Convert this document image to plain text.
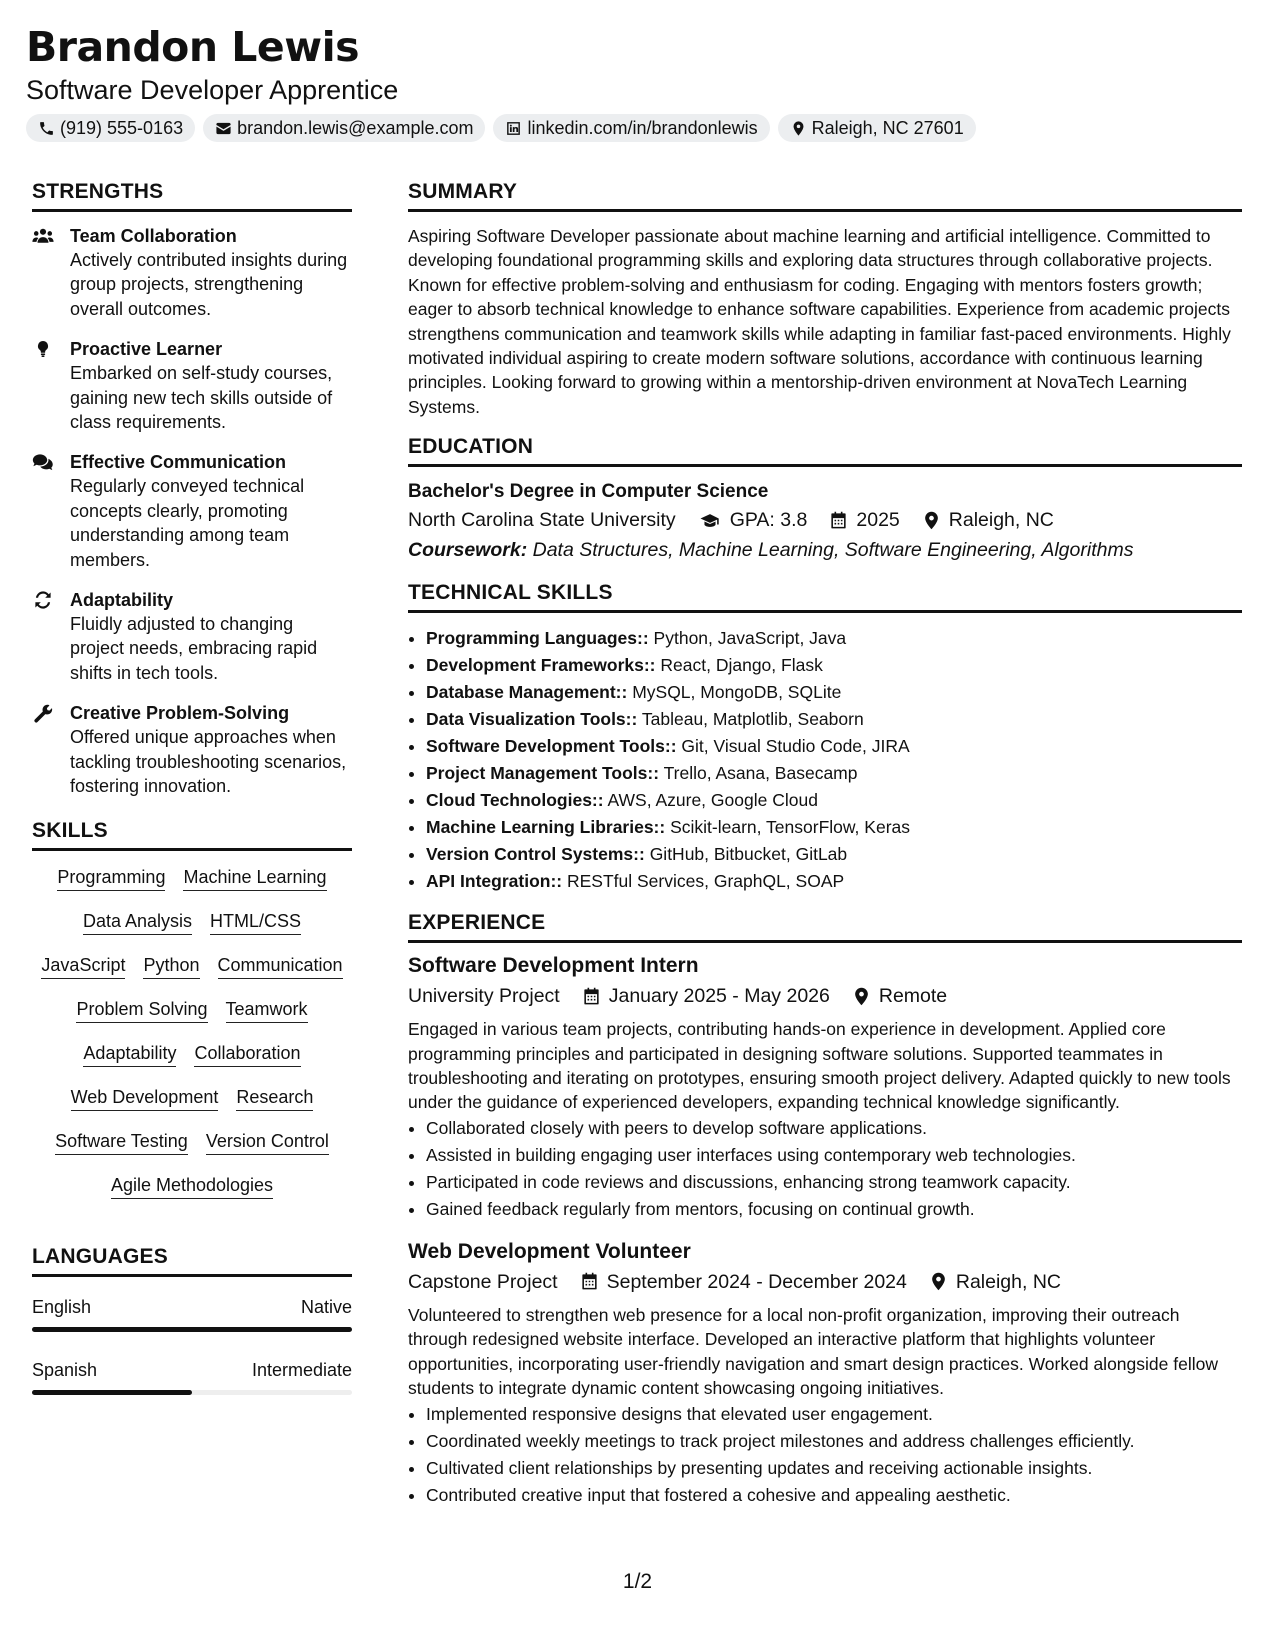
Brandon Lewis
Software Developer Apprentice
(919) 555-0163	brandon.lewis@example.com	linkedin.com/in/brandonlewis	Raleigh, NC 27601
STRENGTHS
Team Collaboration
Actively contributed insights during group projects, strengthening overall outcomes.
Proactive Learner
Embarked on self-study courses, gaining new tech skills outside of class requirements.
Effective Communication
Regularly conveyed technical concepts clearly, promoting understanding among team members.
Adaptability
Fluidly adjusted to changing project needs, embracing rapid shifts in tech tools.
Creative Problem-Solving
Offered unique approaches when tackling troubleshooting scenarios, fostering innovation.
SKILLS
Programming Machine Learning
Data Analysis HTML/CSS
JavaScript Python Communication
Problem Solving Teamwork
Adaptability Collaboration
Web Development Research
Software Testing Version Control
Agile Methodologies
LANGUAGES
English	Native
Spanish	Intermediate
SUMMARY
Aspiring Software Developer passionate about machine learning and artificial intelligence. Committed to developing foundational programming skills and exploring data structures through collaborative projects. Known for effective problem-solving and enthusiasm for coding. Engaging with mentors fosters growth; eager to absorb technical knowledge to enhance software capabilities. Experience from academic projects strengthens communication and teamwork skills while adapting in familiar fast-paced environments. Highly motivated individual aspiring to create modern software solutions, accordance with continuous learning principles. Looking forward to growing within a mentorship-driven environment at NovaTech Learning Systems.
EDUCATION
Bachelor's Degree in Computer Science
North Carolina State University	GPA: 3.8	2025	Raleigh, NC
Coursework: Data Structures, Machine Learning, Software Engineering, Algorithms
TECHNICAL SKILLS
• Programming Languages:: Python, JavaScript, Java
• Development Frameworks:: React, Django, Flask
• Database Management:: MySQL, MongoDB, SQLite
• Data Visualization Tools:: Tableau, Matplotlib, Seaborn
• Software Development Tools:: Git, Visual Studio Code, JIRA
• Project Management Tools:: Trello, Asana, Basecamp
• Cloud Technologies:: AWS, Azure, Google Cloud
• Machine Learning Libraries:: Scikit-learn, TensorFlow, Keras
• Version Control Systems:: GitHub, Bitbucket, GitLab
• API Integration:: RESTful Services, GraphQL, SOAP
EXPERIENCE
Software Development Intern
University Project	January 2025 - May 2026	Remote
Engaged in various team projects, contributing hands-on experience in development. Applied core programming principles and participated in designing software solutions. Supported teammates in troubleshooting and iterating on prototypes, ensuring smooth project delivery. Adapted quickly to new tools under the guidance of experienced developers, expanding technical knowledge significantly.
• Collaborated closely with peers to develop software applications.
• Assisted in building engaging user interfaces using contemporary web technologies.
• Participated in code reviews and discussions, enhancing strong teamwork capacity.
• Gained feedback regularly from mentors, focusing on continual growth.
Web Development Volunteer
Capstone Project	September 2024 - December 2024	Raleigh, NC
Volunteered to strengthen web presence for a local non-profit organization, improving their outreach through redesigned website interface. Developed an interactive platform that highlights volunteer opportunities, incorporating user-friendly navigation and smart design practices. Worked alongside fellow students to integrate dynamic content showcasing ongoing initiatives.
• Implemented responsive designs that elevated user engagement.
• Coordinated weekly meetings to track project milestones and address challenges efficiently.
• Cultivated client relationships by presenting updates and receiving actionable insights.
• Contributed creative input that fostered a cohesive and appealing aesthetic.
1/2
